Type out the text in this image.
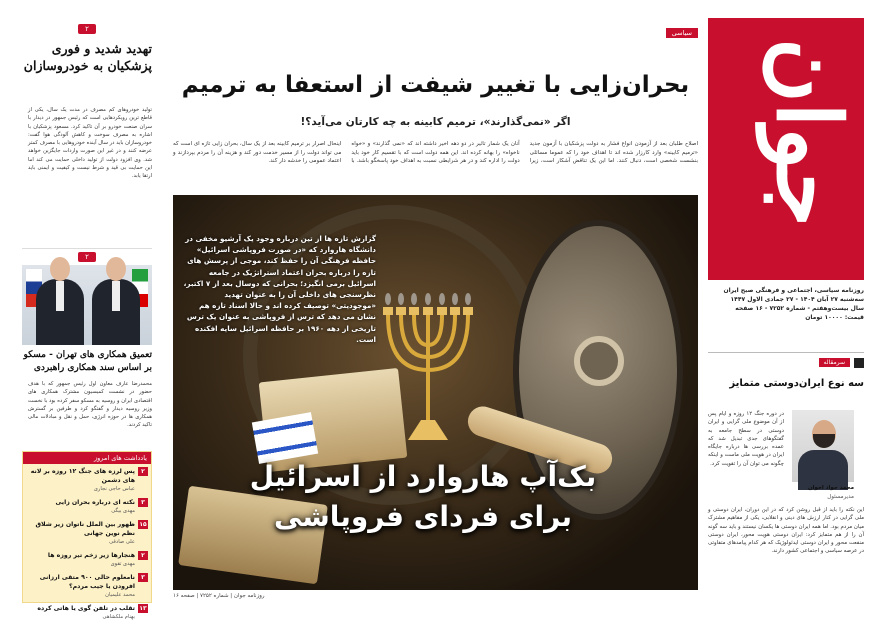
۲
تهدید شدید و فوری پزشکیان به خودروسازان
تولید خودروهای کم مصرف در مدت یک سال، یکی از قاطع ترین رویکردهایی است که رئیس جمهور در دیدار با سران صنعت خودرو بر آن تاکید کرد. مسعود پزشکیان با اشاره به مصرف سوخت و کاهش آلودگی هوا گفت: خودروسازان باید در سال آینده خودروهایی با مصرف کمتر عرضه کنند و در غیر این صورت واردات جایگزین خواهد شد. وی افزود دولت از تولید داخلی حمایت می کند اما این حمایت بی قید و شرط نیست و کیفیت و ایمنی باید ارتقا یابد.
۲
تعمیق همکاری های تهران - مسکو بر اساس سند همکاری راهبردی
محمدرضا عارف معاون اول رئیس جمهور که با هدف حضور در نشست کمیسیون مشترک همکاری های اقتصادی ایران و روسیه به مسکو سفر کرده بود با نخست وزیر روسیه دیدار و گفتگو کرد و طرفین بر گسترش همکاری ها در حوزه انرژی، حمل و نقل و مبادلات مالی تاکید کردند.
یادداشت های امروز
۲
پس لرزه های جنگ ۱۲ روزه بر لانه های دشمن
عباس حاجی نجاری
۳
نکته ای درباره بحران زایی
مهدی بیگی
۱۵
ظهور بین الملل ناتوان زیر شلاق نظم نوین جهانی
علی صادقی
۲
هنجارها زیر زخم تیر روزه ها
مهدی تقوی
۳
نامعلوم حالی ۹۰۰ متقی ارزانی افرودن یا جیب مردم؟
محمد علیمیان
۱۳
تقلب در تلفن گوی یا هاتی کرده
بهنام ملکشاهی
سیاسی
بحران‌زایی با تغییر شیفت از استعفا به ترمیم
اگر «نمی‌گذارند»، ترمیم کابینه به چه کارتان می‌آید؟!
اصلاح طلبان بعد از آزمودن انواع فشار به دولت پزشکیان با آزمون جدید «ترمیم کابینه» وارد کارزار شده اند تا اهداف خود را که عموما مسائلی بنشست شخصی است، دنبال کنند. اما این یک تناقض آشکار است، زیرا آنان یک شمار تاثیر در دو دهه اخیر داشته اند که «نمی گذارند» و «خواه ناخواه» را بهانه کرده اند. این همه دولت است که با تقسیم کار خود باید دولت را اداره کند و در هر شرایطی نسبت به اهداف خود پاسخگو باشد. با اینحال اصرار بر ترمیم کابینه بعد از یک سال، بحران زایی تازه ای است که می تواند دولت را از مسیر خدمت دور کند و هزینه آن را مردم بپردازند و اعتماد عمومی را خدشه دار کند.
گزارش تازه ها از تین درباره وجود یک آرشیو مخفی در دانشگاه هاروارد که «در صورت فروپاشی اسرائیل» حافظه فرهنگی آن را حفظ کند، موجی از پرسش های تازه را درباره بحران اعتماد استراتژیک در جامعه اسرائیل برمی انگیزد؛ بحرانی که دوسال بعد از ۷ اکتبر، نظرسنجی های داخلی آن را به عنوان تهدید «موجودیتی» توصیف کرده اند و حالا اسناد تازه هم نشان می دهد که ترس از فروپاشی به عنوان یک ترس تاریخی از دهه ۱۹۶۰ بر حافظه اسرائیل سایه افکنده است.
بک‌آپ هاروارد از اسرائیل
برای فردای فروپاشی
روزنامه جوان | شماره ۷۲۵۲ | صفحه ۱۶
جوان
روزنامه سیاسی، اجتماعی و فرهنگی صبح ایران
سه‌شنبه ۲۷ آبان ۱۴۰۴ - ۲۷ جمادی الاول ۱۴۴۷
سال بیست‌وهفتم - شماره ۷۲۵۲ - ۱۶ صفحه
قیمت: ۱۰۰۰۰ تومان
سرمقاله
سه نوع ایران‌دوستی متمایز
محمد جواد اخوان
مدیرمسئول
در دوره جنگ ۱۲ روزه و ایام پس از آن موضوع ملی گرایی و ایران دوستی در سطح جامعه به گفتگوهای جدی تبدیل شد که عمده بررسی ها درباره جایگاه ایران در هویت ملی ماست و اینکه چگونه می توان آن را تقویت کرد.
این نکته را باید از قبل روشن کرد که در این دوران، ایران دوستی و ملی گرایی در کنار ارزش های دینی و انقلابی، یکی از مفاهیم مشترک میان مردم بود. اما همه ایران دوستی ها یکسان نیستند و باید سه گونه آن را از هم متمایز کرد: ایران دوستی هویت محور، ایران دوستی منفعت محور و ایران دوستی ایدئولوژیک که هر کدام پیامدهای متفاوتی در عرصه سیاسی و اجتماعی کشور دارند.
